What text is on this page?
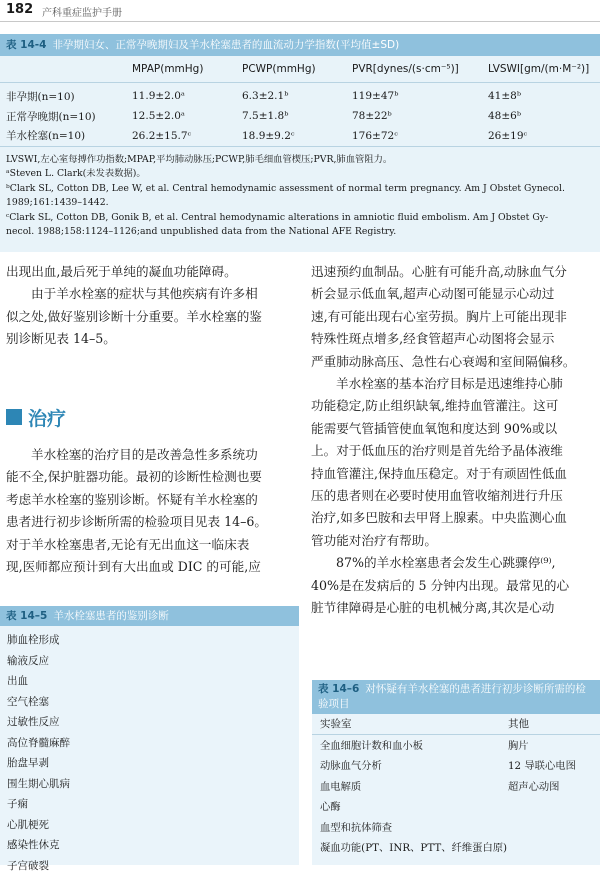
182 产科重症监护手册
表 14-4 非孕期妇女、正常孕晚期妇及羊水栓塞患者的血流动力学指数(平均值±SD)
	MPAP(mmHg)	PCWP(mmHg)	PVR[dynes/(s·cm⁻⁵)]	LVSWI[gm/(m·M⁻²)]
非孕期(n=10)	11.9±2.0ᵃ	6.3±2.1ᵇ	119±47ᵇ	41±8ᵇ
正常孕晚期(n=10)	12.5±2.0ᵃ	7.5±1.8ᵇ	78±22ᵇ	48±6ᵇ
羊水栓塞(n=10)	26.2±15.7ᶜ	18.9±9.2ᶜ	176±72ᶜ	26±19ᶜ

LVSWI,左心室每搏作功指数;MPAP,平均肺动脉压;PCWP,肺毛细血管楔压;PVR,肺血管阻力。

ᵃSteven L. Clark(未发表数据)。

ᵇClark SL, Cotton DB, Lee W, et al. Central hemodynamic assessment of normal term pregnancy. Am J Obstet Gynecol.

1989;161:1439–1442.

ᶜClark SL, Cotton DB, Gonik B, et al. Central hemodynamic alterations in amniotic fluid embolism. Am J Obstet Gy-

necol. 1988;158:1124–1126;and unpublished data from the National AFE Registry.

出现出血,最后死于单纯的凝血功能障碍。

由于羊水栓塞的症状与其他疾病有许多相

似之处,做好鉴别诊断十分重要。羊水栓塞的鉴

别诊断见表 14–5。

治疗

羊水栓塞的治疗目的是改善急性多系统功

能不全,保护脏器功能。最初的诊断性检测也要

考虑羊水栓塞的鉴别诊断。怀疑有羊水栓塞的

患者进行初步诊断所需的检验项目见表 14–6。

对于羊水栓塞患者,无论有无出血这一临床表

现,医师都应预计到有大出血或 DIC 的可能,应

迅速预约血制品。心脏有可能升高,动脉血气分

析会显示低血氧,超声心动图可能显示心动过

速,有可能出现右心室劳损。胸片上可能出现非

特殊性斑点增多,经食管超声心动图将会显示

严重肺动脉高压、急性右心衰竭和室间隔偏移。

羊水栓塞的基本治疗目标是迅速维持心肺

功能稳定,防止组织缺氧,维持血管灌注。这可

能需要气管插管使血氧饱和度达到 90%或以

上。对于低血压的治疗则是首先给予晶体液维

持血管灌注,保持血压稳定。对于有顽固性低血

压的患者则在必要时使用血管收缩剂进行升压

治疗,如多巴胺和去甲肾上腺素。中央监测心血

管功能对治疗有帮助。

87%的羊水栓塞患者会发生心跳骤停⁽⁹⁾,

40%是在发病后的 5 分钟内出现。最常见的心

脏节律障碍是心脏的电机械分离,其次是心动

表 14–5 羊水栓塞患者的鉴别诊断
肺血栓形成
输液反应
出血
空气栓塞
过敏性反应
高位脊髓麻醉
胎盘早剥
围生期心肌病
子痫
心肌梗死
感染性休克
子宫破裂
表 14–6 对怀疑有羊水栓塞的患者进行初步诊断所需的检验项目
实验室	其他
全血细胞计数和血小板	胸片
动脉血气分析	12 导联心电图
血电解质	超声心动图
心酶	
血型和抗体筛查	
凝血功能(PT、INR、PTT、纤维蛋白原)	
